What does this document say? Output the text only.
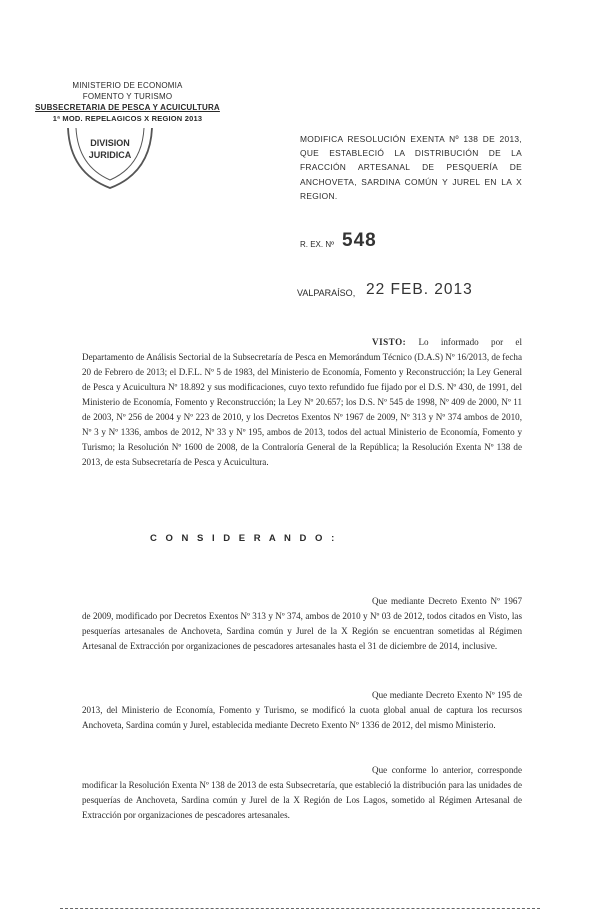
MINISTERIO DE ECONOMIA
FOMENTO Y TURISMO
SUBSECRETARIA DE PESCA Y ACUICULTURA
1ª MOD. REPELAGICOS X REGION 2013
DIVISION
JURIDICA
MODIFICA RESOLUCIÓN EXENTA Nº 138 DE 2013, QUE ESTABLECIÓ LA DISTRIBUCIÓN DE LA FRACCIÓN ARTESANAL DE PESQUERÍA DE ANCHOVETA, SARDINA COMÚN Y JUREL EN LA X REGION.
R. EX. Nº 548
VALPARAÍSO, 22 FEB. 2013
VISTO: Lo informado por el Departamento de Análisis Sectorial de la Subsecretaría de Pesca en Memorándum Técnico (D.A.S) Nº 16/2013, de fecha 20 de Febrero de 2013; el D.F.L. Nº 5 de 1983, del Ministerio de Economía, Fomento y Reconstrucción; la Ley General de Pesca y Acuicultura Nº 18.892 y sus modificaciones, cuyo texto refundido fue fijado por el D.S. Nº 430, de 1991, del Ministerio de Economía, Fomento y Reconstrucción; la Ley Nº 20.657; los D.S. Nº 545 de 1998, Nº 409 de 2000, Nº 11 de 2003, Nº 256 de 2004 y Nº 223 de 2010, y los Decretos Exentos Nº 1967 de 2009, Nº 313 y Nº 374 ambos de 2010, Nº 3 y Nº 1336, ambos de 2012, Nº 33 y Nº 195, ambos de 2013, todos del actual Ministerio de Economía, Fomento y Turismo; la Resolución Nº 1600 de 2008, de la Contraloría General de la República; la Resolución Exenta Nº 138 de 2013, de esta Subsecretaría de Pesca y Acuicultura.
C O N S I D E R A N D O :
Que mediante Decreto Exento Nº 1967 de 2009, modificado por Decretos Exentos Nº 313 y Nº 374, ambos de 2010 y Nº 03 de 2012, todos citados en Visto, las pesquerías artesanales de Anchoveta, Sardina común y Jurel de la X Región se encuentran sometidas al Régimen Artesanal de Extracción por organizaciones de pescadores artesanales hasta el 31 de diciembre de 2014, inclusive.
Que mediante Decreto Exento Nº 195 de 2013, del Ministerio de Economía, Fomento y Turismo, se modificó la cuota global anual de captura los recursos Anchoveta, Sardina común y Jurel, establecida mediante Decreto Exento Nº 1336 de 2012, del mismo Ministerio.
Que conforme lo anterior, corresponde modificar la Resolución Exenta Nº 138 de 2013 de esta Subsecretaría, que estableció la distribución para las unidades de pesquerías de Anchoveta, Sardina común y Jurel de la X Región de Los Lagos, sometido al Régimen Artesanal de Extracción por organizaciones de pescadores artesanales.
